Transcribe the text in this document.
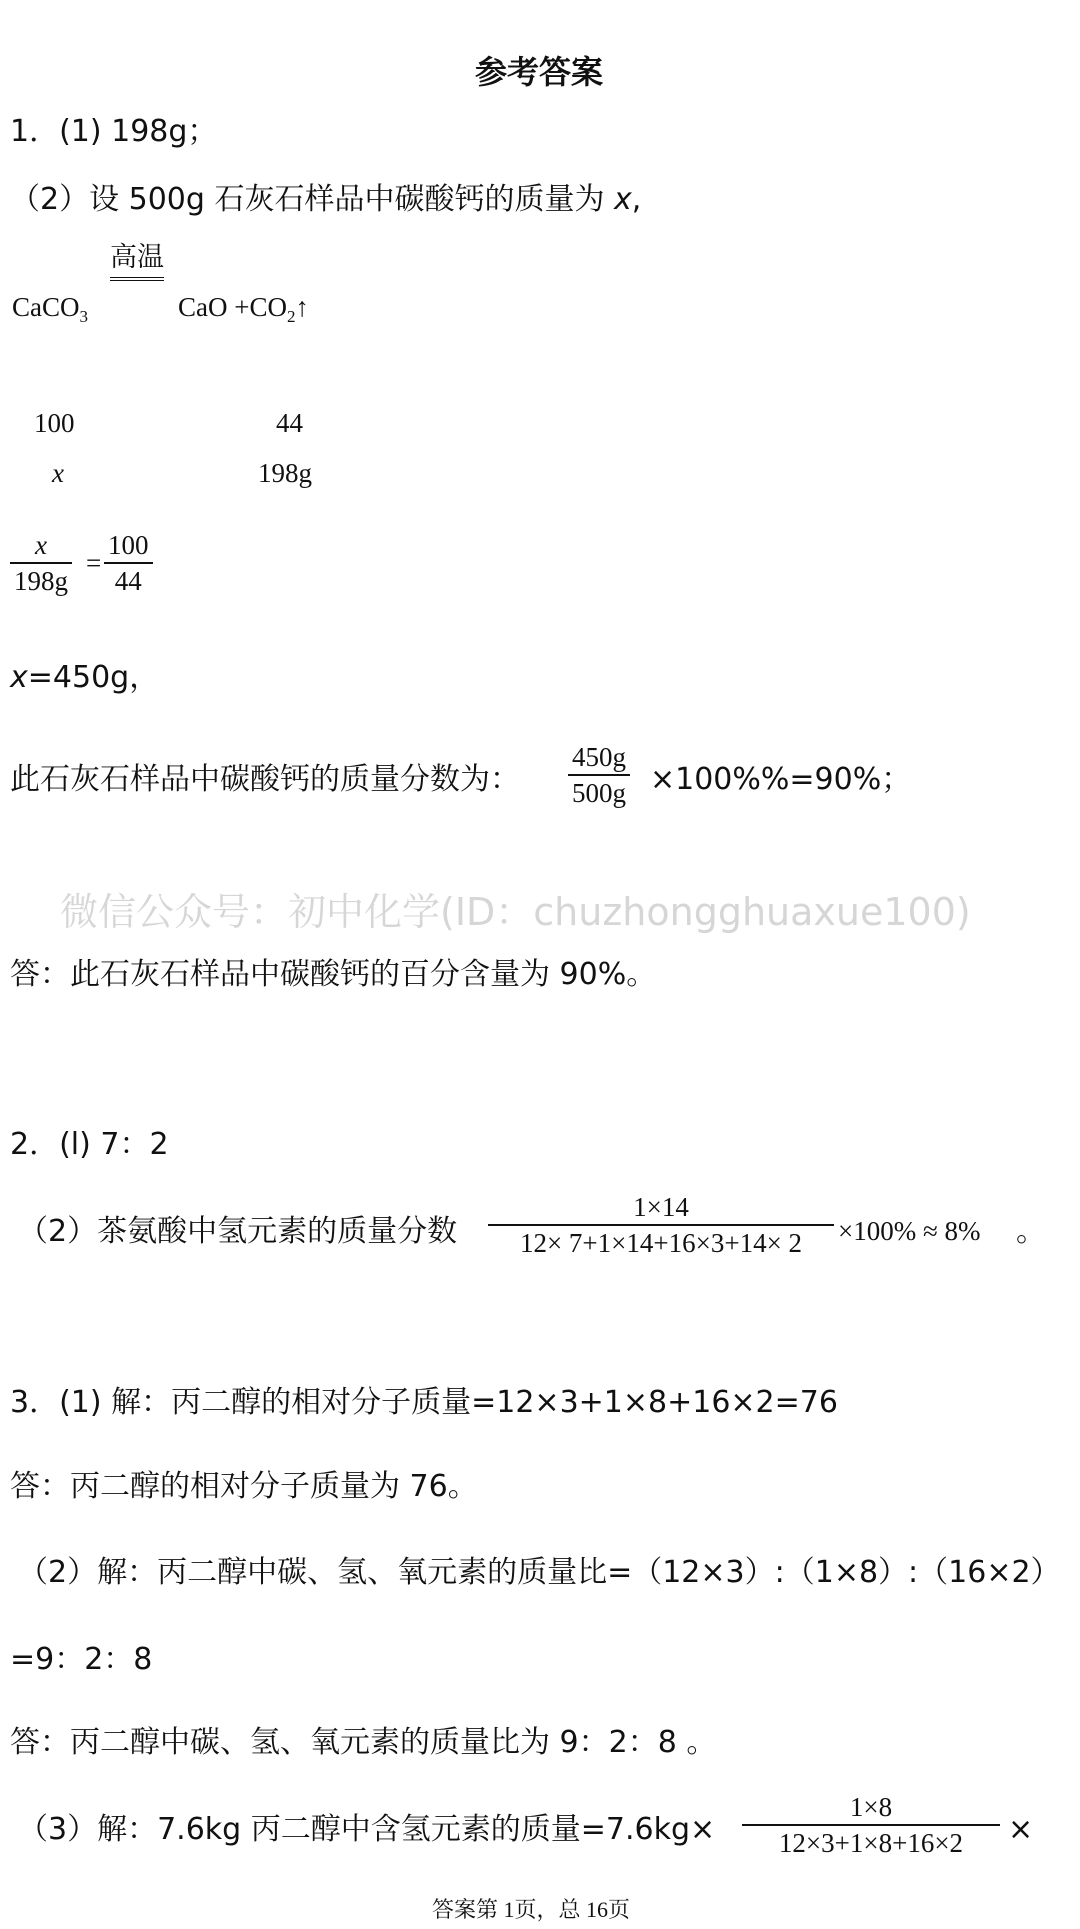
参考答案
1．(1) 198g；
（2）设 500g 石灰石样品中碳酸钙的质量为 x,
高温
CaCO$_3$	CaO $+CO_2↑$
100	44
x	198g
x
198g
=
100
44
x=450g，
此石灰石样品中碳酸钙的质量分数为：
450g
500g ×100%%=90%；
微信公众号：初中化学(ID：chuzhongghuaxue100)
答：此石灰石样品中碳酸钙的百分含量为 90%。
2．(l) 7：2
（2）茶氨酸中氢元素的质量分数
1×14
12× 7+1×14+16×3+14× 2 ×100% ≈ 8% 。
3．(1) 解：丙二醇的相对分子质量=12×3+1×8+16×2=76
答：丙二醇的相对分子质量为 76。
（2）解：丙二醇中碳、氢、氧元素的质量比=（12×3）:（1×8）:（16×2）
=9：2：8
答：丙二醇中碳、氢、氧元素的质量比为 9：2：8 。
（3）解：7.6kg 丙二醇中含氢元素的质量=7.6kg×
1×8
12×3+1×8+16×2 ×
答案第 1页，总 16页
